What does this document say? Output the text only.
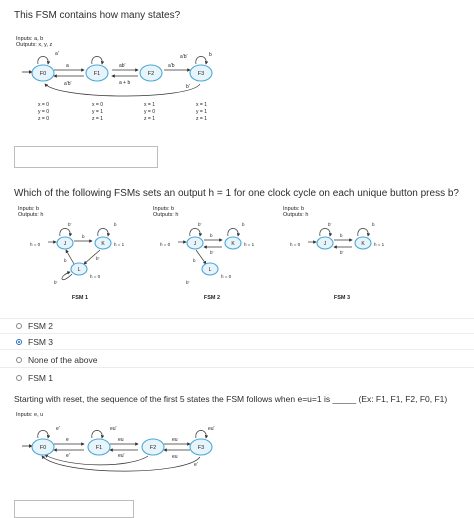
This FSM contains how many states?

Inputs: a, b
Outputs: x, y, z
F0	F1	F2	F3
a'
a	ab'
a'b'
a'b
a'b'
a + b
b
b'
x = 0
y = 0
z = 0
x = 0
y = 1
z = 1
x = 1
y = 0
z = 1
x = 1
y = 1
z = 1
Inputs: b
Outputs: h
J	K
L
b'
b
b
b'
b
b'
h = 0	h = 1
h = 0
FSM 1
Inputs: b
Outputs: h
J	K
L
b'
b
b'
b
b
b'
h = 0	h = 1
h = 0
FSM 2
Inputs: b
Outputs: h
J	K
b'
b
b'
b
h = 0	h = 1
FSM 3
Inputs: e, u
F0	F1	F2	F3
e'
e
eu'
eu	eu
eu'
eu'	eu
e'
e'

Which of the following FSMs sets an output h = 1 for one clock cycle on each unique button press b?

FSM 2
FSM 3
None of the above
FSM 1

Starting with reset, the sequence of the first 5 states the FSM follows when e=u=1 is _____ (Ex: F1, F1, F2, F0, F1)
